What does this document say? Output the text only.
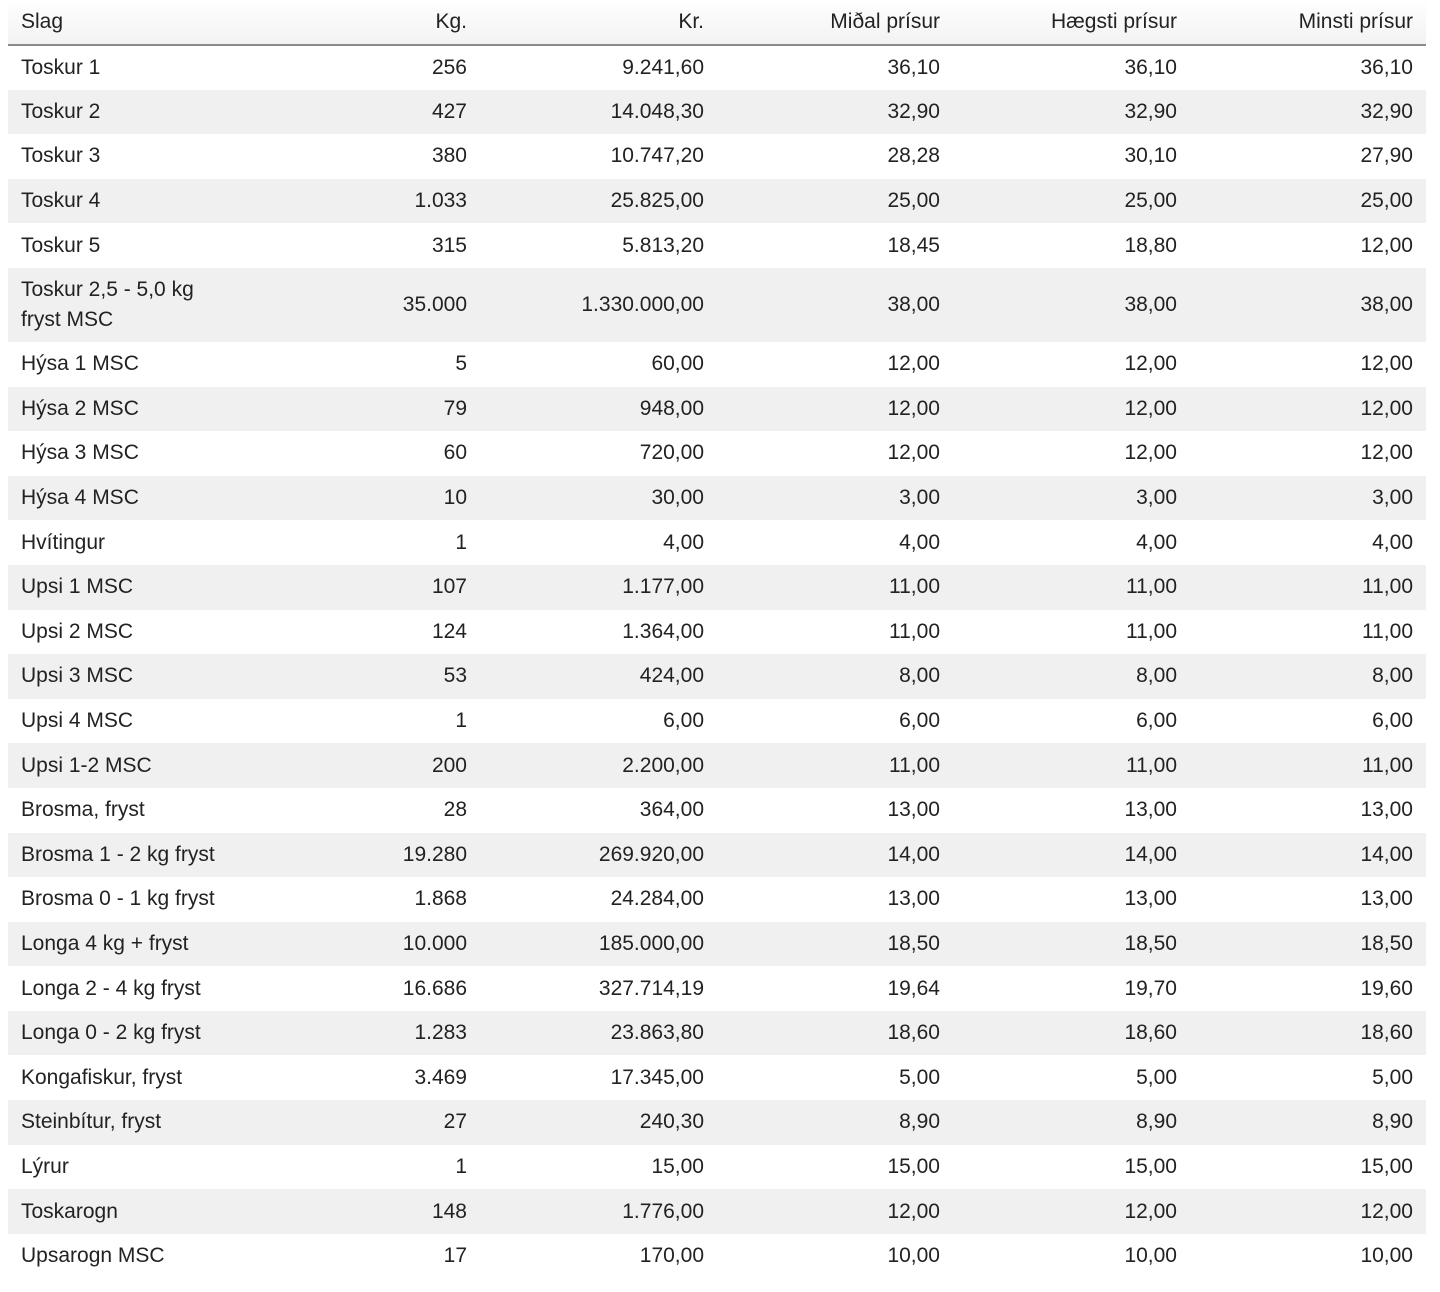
Slag	Kg.	Kr.	Miðal prísur	Hægsti prísur	Minsti prísur
Toskur 1	256	9.241,60	36,10	36,10	36,10
Toskur 2	427	14.048,30	32,90	32,90	32,90
Toskur 3	380	10.747,20	28,28	30,10	27,90
Toskur 4	1.033	25.825,00	25,00	25,00	25,00
Toskur 5	315	5.813,20	18,45	18,80	12,00
Toskur 2,5 - 5,0 kg
fryst MSC	35.000	1.330.000,00	38,00	38,00	38,00
Hýsa 1 MSC	5	60,00	12,00	12,00	12,00
Hýsa 2 MSC	79	948,00	12,00	12,00	12,00
Hýsa 3 MSC	60	720,00	12,00	12,00	12,00
Hýsa 4 MSC	10	30,00	3,00	3,00	3,00
Hvítingur	1	4,00	4,00	4,00	4,00
Upsi 1 MSC	107	1.177,00	11,00	11,00	11,00
Upsi 2 MSC	124	1.364,00	11,00	11,00	11,00
Upsi 3 MSC	53	424,00	8,00	8,00	8,00
Upsi 4 MSC	1	6,00	6,00	6,00	6,00
Upsi 1-2 MSC	200	2.200,00	11,00	11,00	11,00
Brosma, fryst	28	364,00	13,00	13,00	13,00
Brosma 1 - 2 kg fryst	19.280	269.920,00	14,00	14,00	14,00
Brosma 0 - 1 kg fryst	1.868	24.284,00	13,00	13,00	13,00
Longa 4 kg + fryst	10.000	185.000,00	18,50	18,50	18,50
Longa 2 - 4 kg fryst	16.686	327.714,19	19,64	19,70	19,60
Longa 0 - 2 kg fryst	1.283	23.863,80	18,60	18,60	18,60
Kongafiskur, fryst	3.469	17.345,00	5,00	5,00	5,00
Steinbítur, fryst	27	240,30	8,90	8,90	8,90
Lýrur	1	15,00	15,00	15,00	15,00
Toskarogn	148	1.776,00	12,00	12,00	12,00
Upsarogn MSC	17	170,00	10,00	10,00	10,00
